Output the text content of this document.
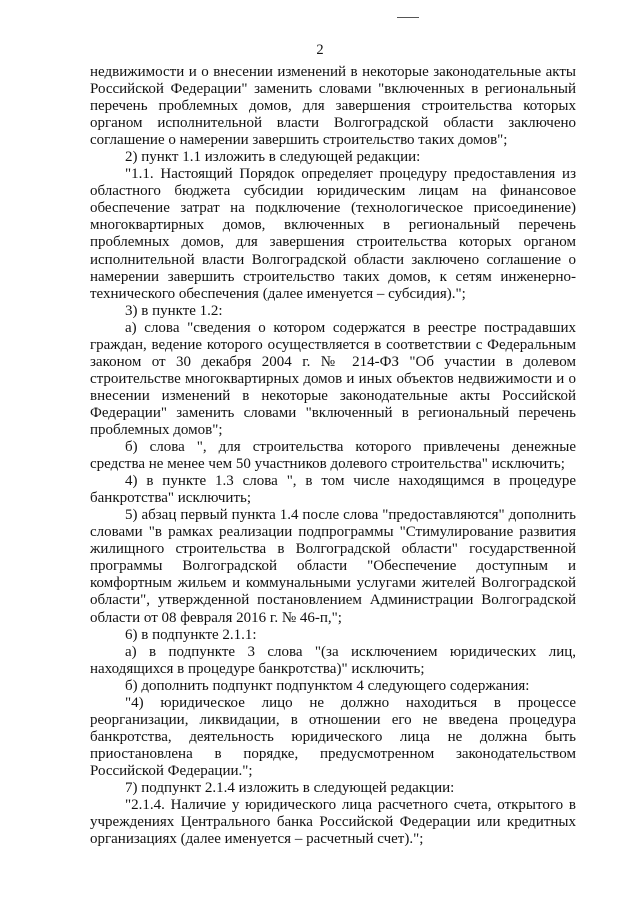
2

недвижимости и о внесении изменений в некоторые законодательные акты Российской Федерации" заменить словами "включенных в региональный перечень проблемных домов, для завершения строительства которых органом исполнительной власти Волгоградской области заключено соглашение о намерении завершить строительство таких домов";

2) пункт 1.1 изложить в следующей редакции:

"1.1. Настоящий Порядок определяет процедуру предоставления из областного бюджета субсидии юридическим лицам на финансовое обеспечение затрат на подключение (технологическое присоединение) многоквартирных домов, включенных в региональный перечень проблемных домов, для завершения строительства которых органом исполнительной власти Волгоградской области заключено соглашение о намерении завершить строительство таких домов, к сетям инженерно-технического обеспечения (далее именуется – субсидия).";

3) в пункте 1.2:

а) слова "сведения о котором содержатся в реестре пострадавших граждан, ведение которого осуществляется в соответствии с Федеральным законом от 30 декабря 2004 г. № 214-ФЗ "Об участии в долевом строительстве многоквартирных домов и иных объектов недвижимости и о внесении изменений в некоторые законодательные акты Российской Федерации" заменить словами "включенный в региональный перечень проблемных домов";

б) слова ", для строительства которого привлечены денежные средства не менее чем 50 участников долевого строительства" исключить;

4) в пункте 1.3 слова ", в том числе находящимся в процедуре банкротства" исключить;

5) абзац первый пункта 1.4 после слова "предоставляются" дополнить словами "в рамках реализации подпрограммы "Стимулирование развития жилищного строительства в Волгоградской области" государственной программы Волгоградской области "Обеспечение доступным и комфортным жильем и коммунальными услугами жителей Волгоградской области", утвержденной постановлением Администрации Волгоградской области от 08 февраля 2016 г. № 46-п,";

6) в подпункте 2.1.1:

а) в подпункте 3 слова "(за исключением юридических лиц, находящихся в процедуре банкротства)" исключить;

б) дополнить подпункт подпунктом 4 следующего содержания:

"4) юридическое лицо не должно находиться в процессе реорганизации, ликвидации, в отношении его не введена процедура банкротства, деятельность юридического лица не должна быть приостановлена в порядке, предусмотренном законодательством Российской Федерации.";

7) подпункт 2.1.4 изложить в следующей редакции:

"2.1.4. Наличие у юридического лица расчетного счета, открытого в учреждениях Центрального банка Российской Федерации или кредитных организациях (далее именуется – расчетный счет).";
